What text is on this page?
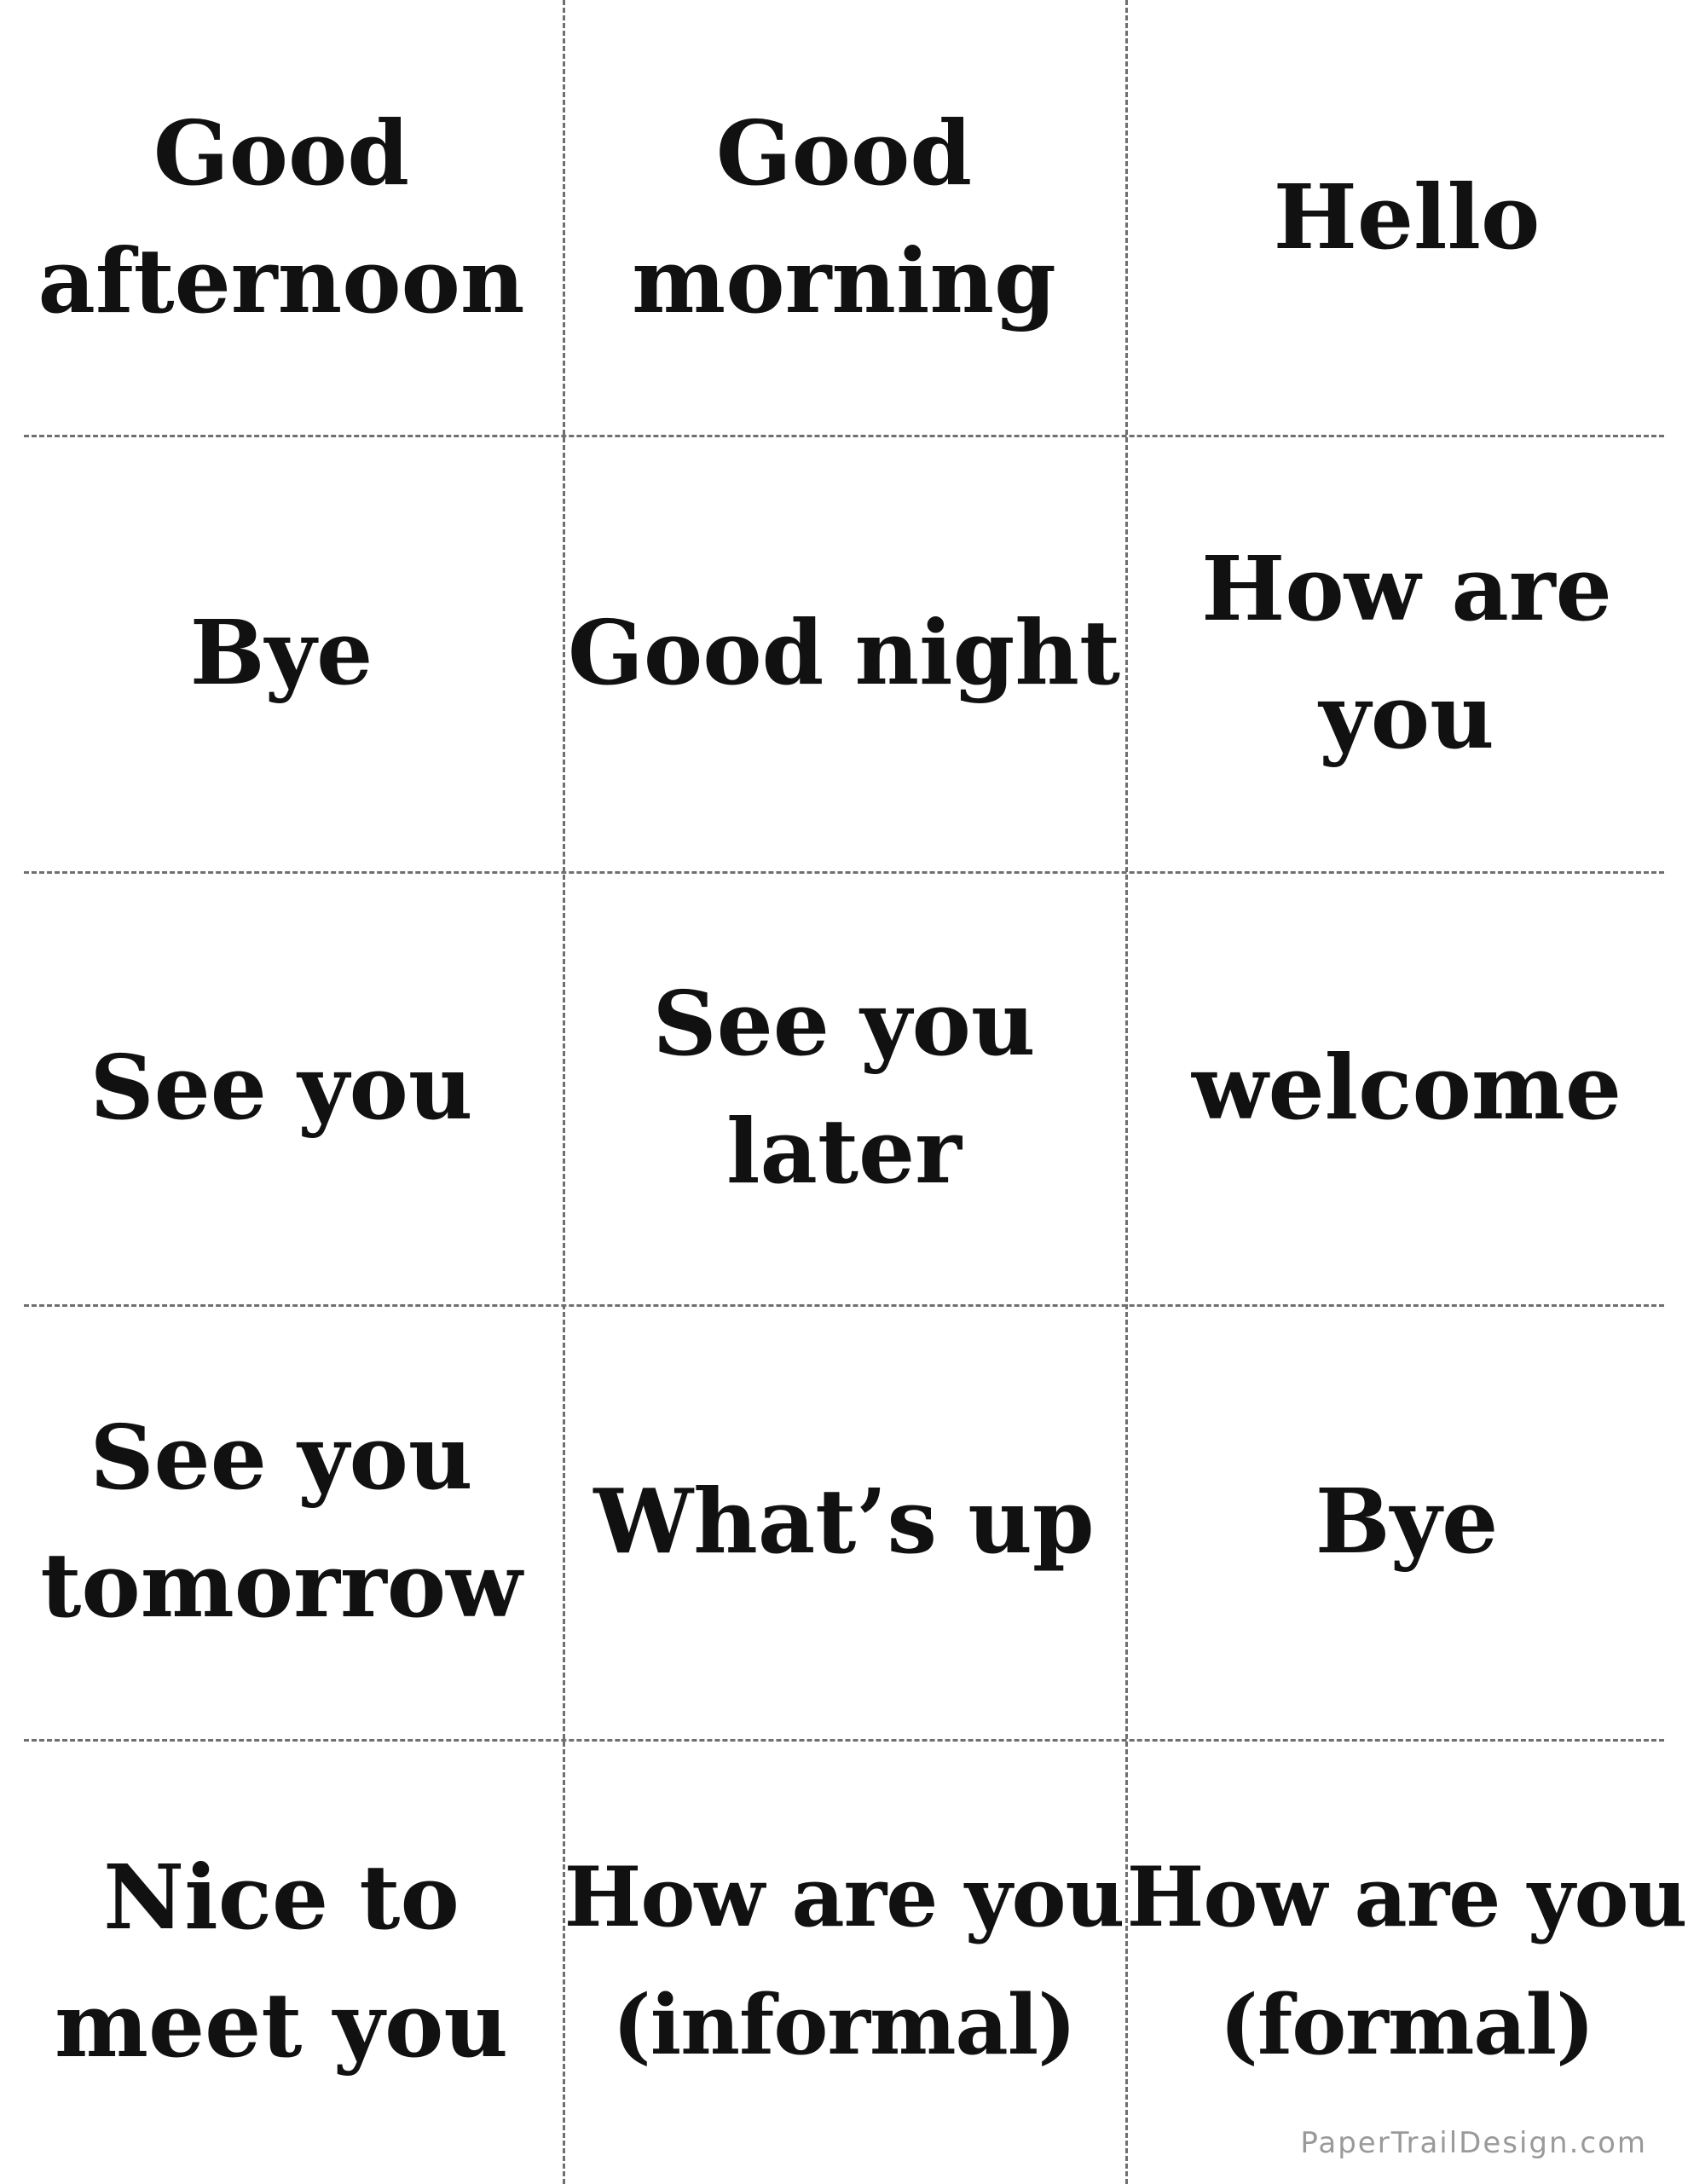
Good
afternoon
Good
morning
Hello
Bye Good night
How are
you
See you
See you
later
welcome
See you
tomorrow
What’s up Bye
Nice to
meet you
How are you
(informal)
How are you
(formal)
PaperTrailDesign.com
